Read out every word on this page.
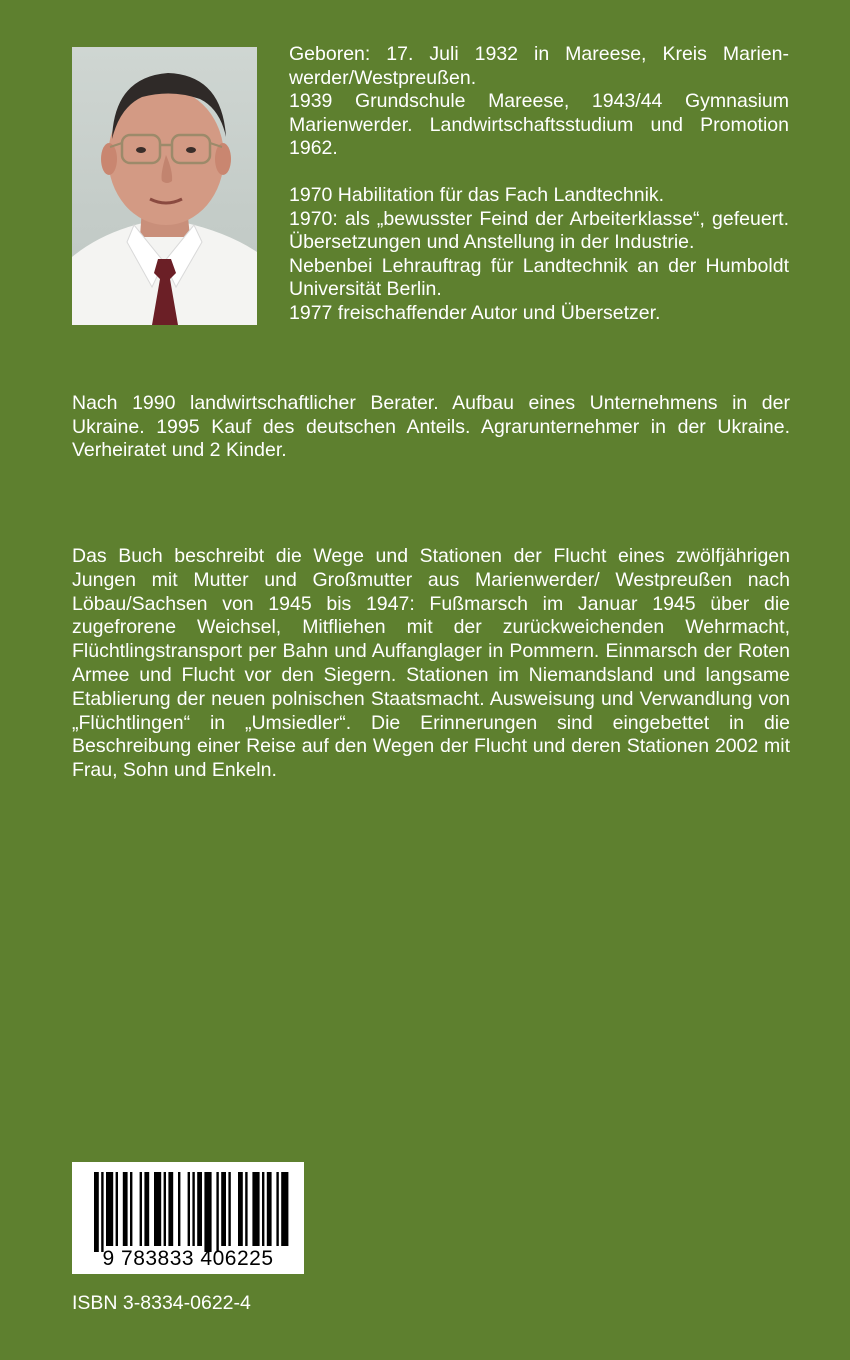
Geboren: 17. Juli 1932 in Mareese, Kreis Marienwerder/Westpreußen.

1939 Grundschule Mareese, 1943/44 Gymnasium Marienwerder. Landwirtschaftsstudium und Promotion 1962.

1970 Habilitation für das Fach Landtechnik.

1970: als „bewusster Feind der Arbeiterklasse“, gefeuert. Übersetzungen und Anstellung in der Industrie.

Nebenbei Lehrauftrag für Landtechnik an der Humboldt Universität Berlin.

1977 freischaffender Autor und Übersetzer.

Nach 1990 landwirtschaftlicher Berater. Aufbau eines Unternehmens in der Ukraine. 1995 Kauf des deutschen Anteils. Agrarunternehmer in der Ukraine. Verheiratet und 2 Kinder.

Das Buch beschreibt die Wege und Stationen der Flucht eines zwölfjährigen Jungen mit Mutter und Großmutter aus Marienwerder/ Westpreußen nach Löbau/Sachsen von 1945 bis 1947: Fußmarsch im Januar 1945 über die zugefrorene Weichsel, Mitfliehen mit der zurückweichenden Wehrmacht, Flüchtlingstransport per Bahn und Auffanglager in Pommern. Einmarsch der Roten Armee und Flucht vor den Siegern. Stationen im Niemandsland und langsame Etablierung der neuen polnischen Staatsmacht. Ausweisung und Verwandlung von „Flüchtlingen“ in „Umsiedler“. Die Erinnerungen sind eingebettet in die Beschreibung einer Reise auf den Wegen der Flucht und deren Stationen 2002 mit Frau, Sohn und Enkeln.

9 783833 406225
ISBN 3-8334-0622-4
